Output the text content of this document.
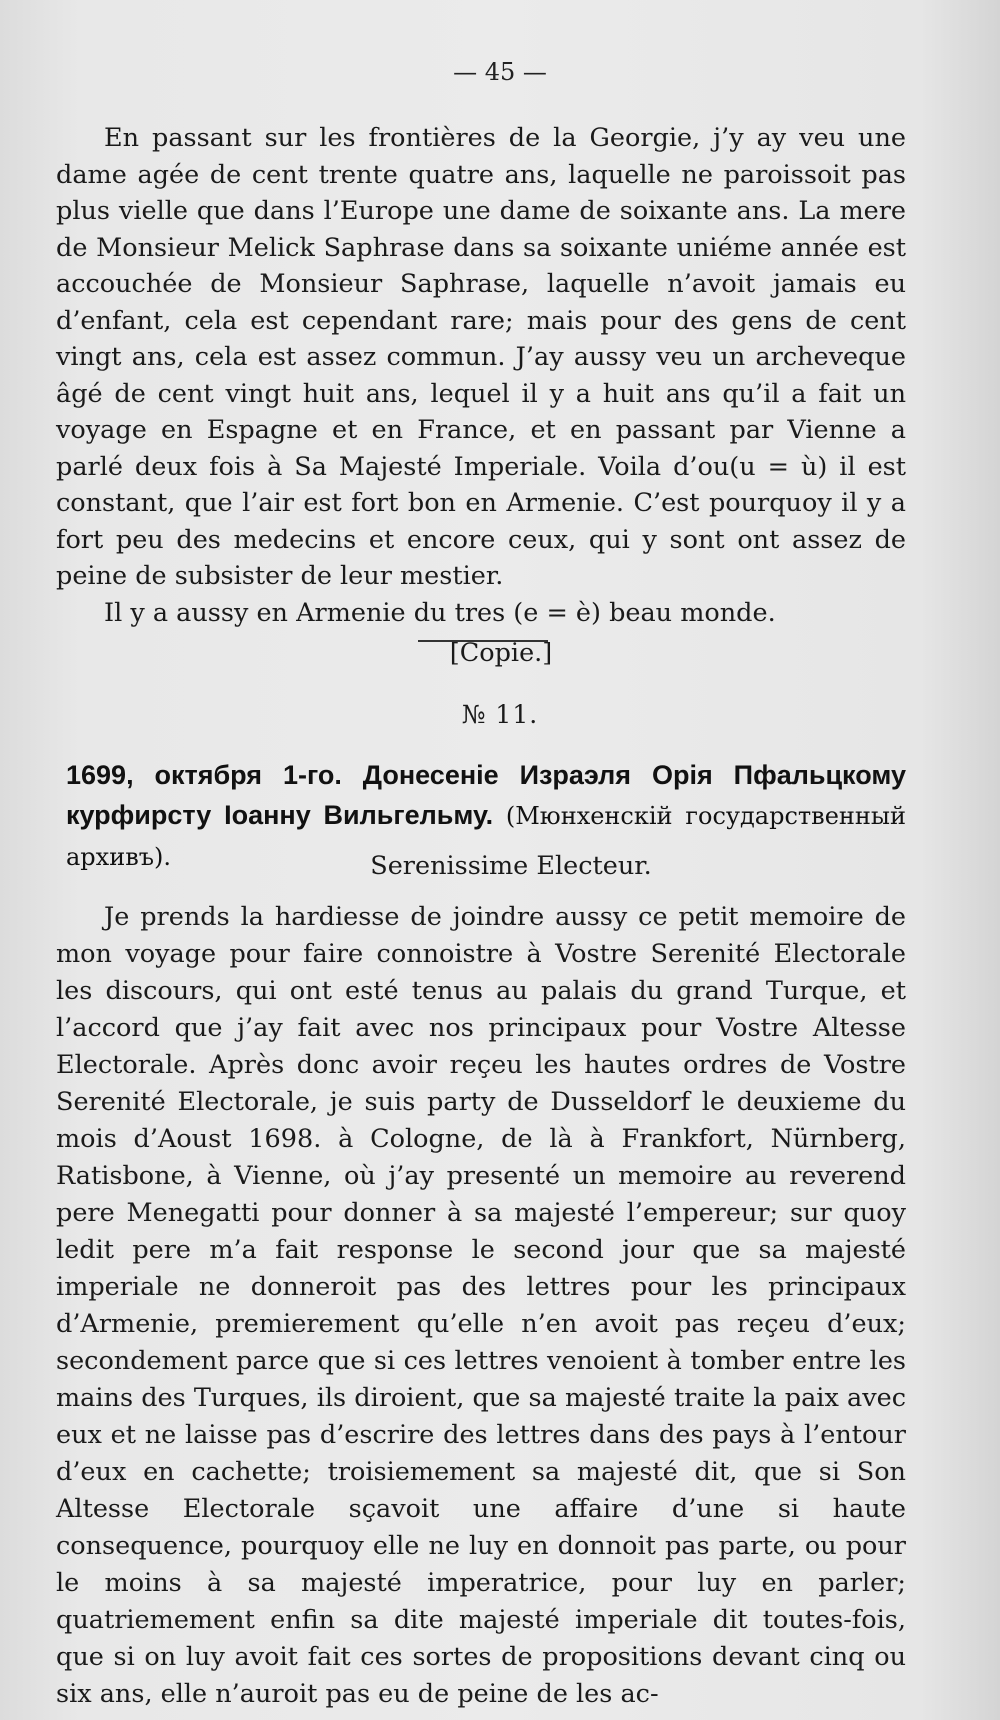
— 45 —

En passant sur les frontières de la Georgie, j’y ay veu une dame agée de cent trente quatre ans, laquelle ne paroissoit pas plus vielle que dans l’Europe une dame de soixante ans. La mere de Monsieur Melick Saphrase dans sa soixante uniéme année est accouchée de Monsieur Saphrase, laquelle n’avoit jamais eu d’enfant, cela est cependant rare; mais pour des gens de cent vingt ans, cela est assez commun. J’ay aussy veu un archeveque âgé de cent vingt huit ans, lequel il y a huit ans qu’il a fait un voyage en Espagne et en France, et en passant par Vienne a parlé deux fois à Sa Majesté Imperiale. Voila d’ou(u = ù) il est constant, que l’air est fort bon en Armenie. C’est pourquoy il y a fort peu des medecins et encore ceux, qui y sont ont assez de peine de subsister de leur mestier.

Il y a aussy en Armenie du tres (e = è) beau monde.

[Copie.]

№ 11.
1699, октября 1-го. Донесеніе Израэля Орія Пфальцкому курфирсту Іоанну Вильгельму. (Мюнхенскій государственный архивъ).	Serenissime Electeur.

Je prends la hardiesse de joindre aussy ce petit memoire de mon voyage pour faire connoistre à Vostre Serenité Electorale les discours, qui ont esté tenus au palais du grand Turque, et l’accord que j’ay fait avec nos principaux pour Vostre Altesse Electorale. Après donc avoir reçeu les hautes ordres de Vostre Serenité Electorale, je suis party de Dusseldorf le deuxieme du mois d’Aoust 1698. à Cologne, de là à Frankfort, Nürnberg, Ratisbone, à Vienne, où j’ay presenté un memoire au reverend pere Menegatti pour donner à sa majesté l’empereur; sur quoy ledit pere m’a fait response le second jour que sa majesté imperiale ne donneroit pas des lettres pour les principaux d’Armenie, premierement qu’elle n’en avoit pas reçeu d’eux; secondement parce que si ces lettres venoient à tomber entre les mains des Turques, ils diroient, que sa majesté traite la paix avec eux et ne laisse pas d’escrire des lettres dans des pays à l’entour d’eux en cachette; troisiemement sa majesté dit, que si Son Altesse Electorale sçavoit une affaire d’une si haute consequence, pourquoy elle ne luy en donnoit pas parte, ou pour le moins à sa majesté imperatrice, pour luy en parler; quatriemement enfin sa dite majesté imperiale dit toutes-fois, que si on luy avoit fait ces sortes de propositions devant cinq ou six ans, elle n’auroit pas eu de peine de les ac-
